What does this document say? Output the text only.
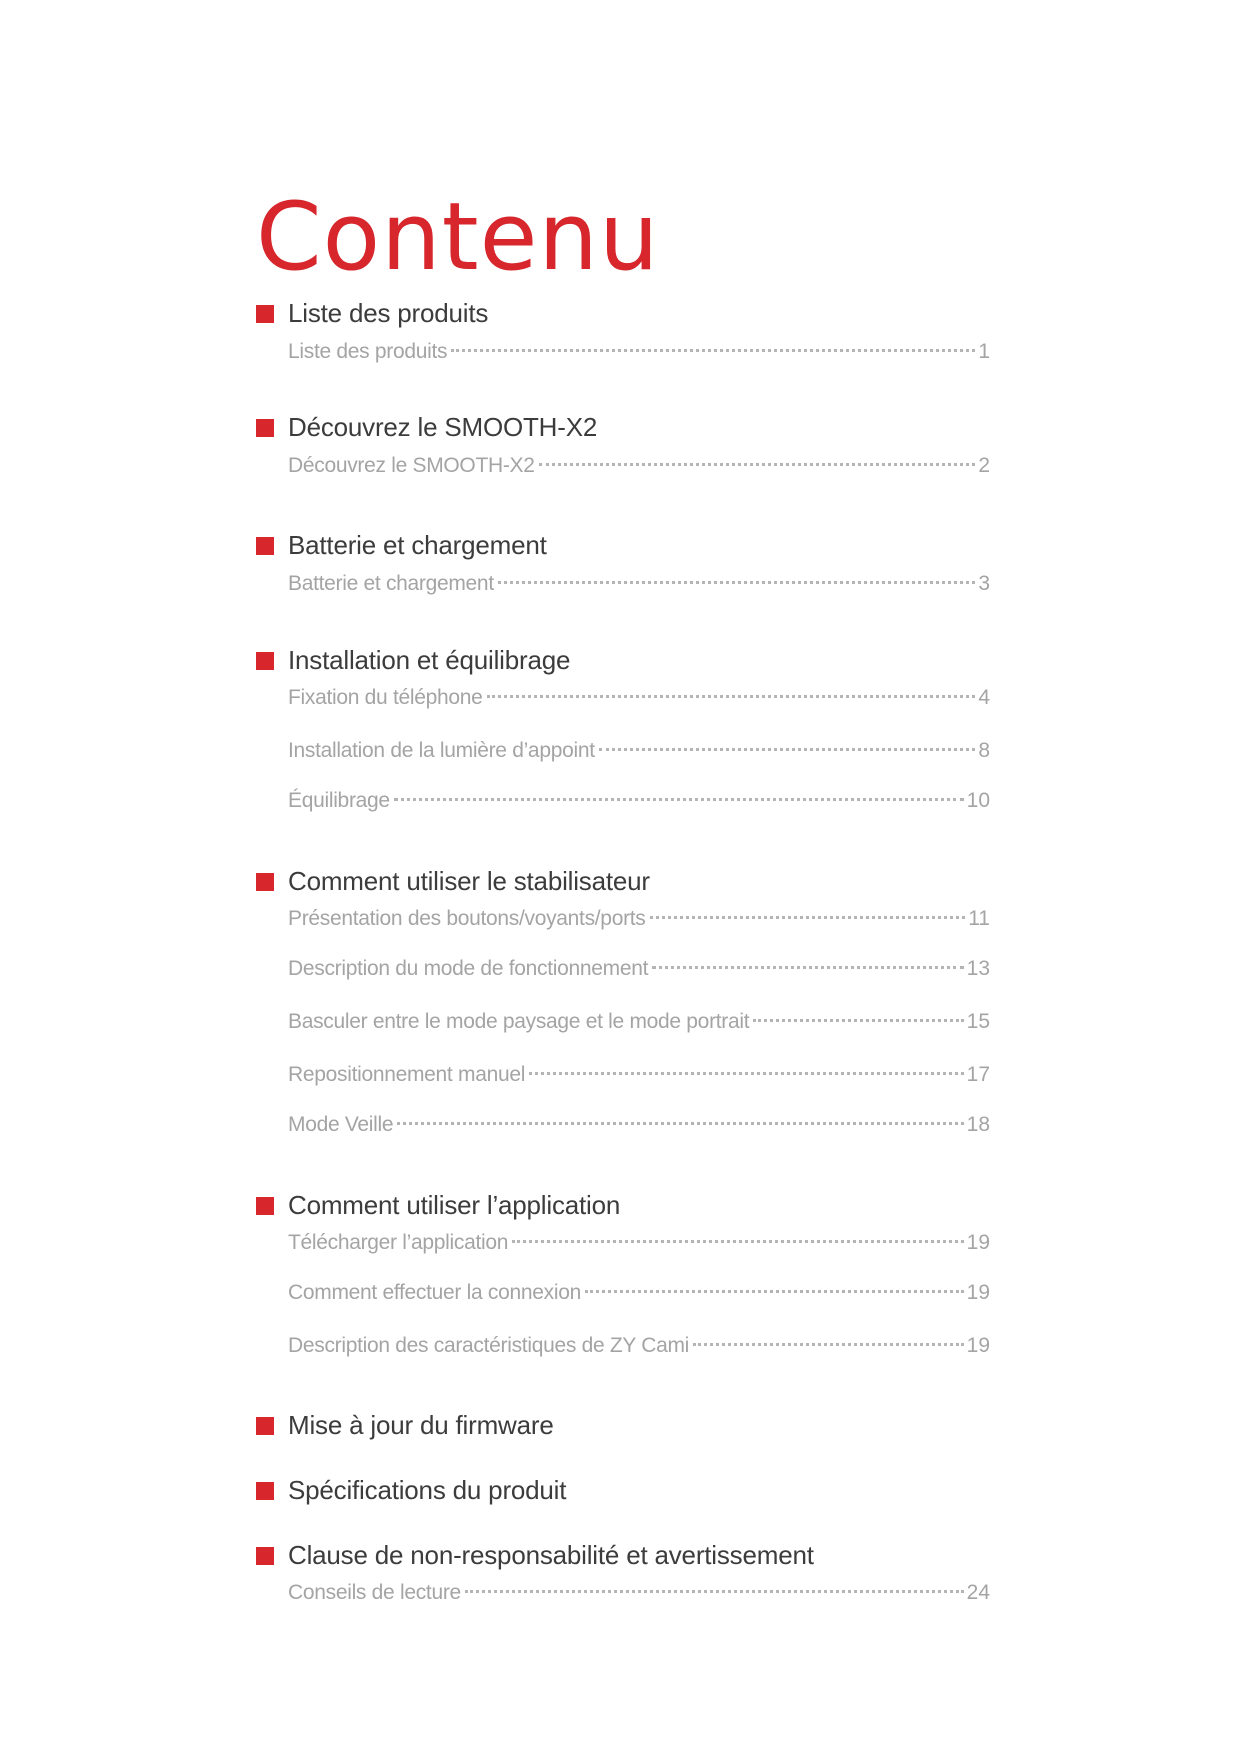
Contenu
Liste des produits
Liste des produits	1
Découvrez le SMOOTH-X2
Découvrez le SMOOTH-X2	2
Batterie et chargement
Batterie et chargement	3
Installation et équilibrage
Fixation du téléphone	4
Installation de la lumière d’appoint	8
Équilibrage	10
Comment utiliser le stabilisateur
Présentation des boutons/voyants/ports	11
Description du mode de fonctionnement	13
Basculer entre le mode paysage et le mode portrait	15
Repositionnement manuel	17
Mode Veille	18
Comment utiliser l’application
Télécharger l’application	19
Comment effectuer la connexion	19
Description des caractéristiques de ZY Cami	19
Mise à jour du firmware
Spécifications du produit
Clause de non-responsabilité et avertissement
Conseils de lecture	24
